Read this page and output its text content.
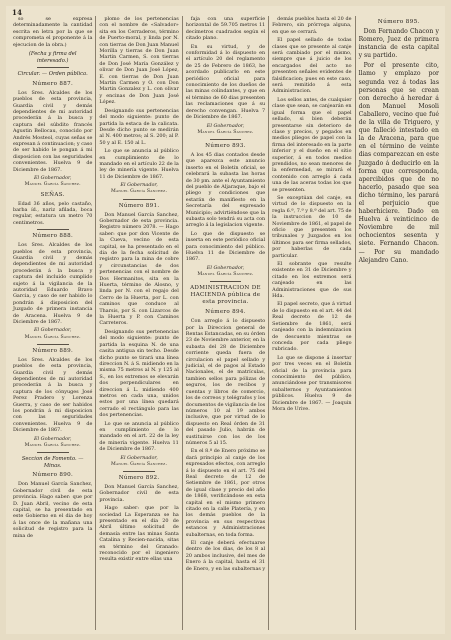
14

so se expresa determinadamente la cantidad escrita en letra por la que se comprometa el proponente á la ejecucion de la obra.)

(Fecha y firma del interesado.)
Circular. — Orden pública.
Número 887.

Los Sres. Alcaldes de los pueblos de esta provincia, Guardia civil y demás dependientes de mi autoridad procederán á la busca y captura del súbdito francés Agustin Bellocau, conocido por Andrés Mosteol, cuyas señas se expresan á continuacion; y caso de ser habido le pongan á mi disposicion con las seguridades convenientes. Huelva 9 de Diciembre de 1867.

El Gobernador,
Manuel García Sanchez.
SEÑAS.

Edad 36 años, pelo castaño, barba íd., nariz afilada, boca regular, estatura un metro 70 centímetros.

Número 888.

Los Sres. Alcaldes de los pueblos de esta provincia, Guardia civil y demás dependientes de mi autoridad procederán á la busca y captura del incluido cumplido sujeto á la vigilancia de la autoridad Eduardo Bravo Garcia, y caso de ser habido lo pondrán á disposicion del Juzgado de primera instancia de Aracena. Huelva 9 de Diciembre de 1867.

El Gobernador,
Manuel García Sanchez.
Número 889.

Los Sres. Alcaldes de los pueblos de esta provincia, Guardia civil y demás dependientes de mi autoridad procederán á la busca y captura de los cónyuges José Perez Pradero y Lorenza Guerra, y caso de ser habidos los pondrán á mi disposicion con las seguridades convenientes. Huelva 9 de Diciembre de 1867.

El Gobernador,
Manuel García Sanchez.
Seccion de Fomento. — Minas.
Número 890.

Don Manuel García Sanchez, Gobernador civil de esta provincia. Hago saber: que por D. Juan Abril, vecino de esta capital, se ha presentado en este Gobierno en el dia de hoy á las once de la mañana una solicitud de registro para la mina de

plomo de los pertenencias con el nombre de «Salvador» sita en los Cerraderos, término de Puerto-moral, y linda por N. con tierras de Don Juan Manuel Morilla y tierras de Don Juan Martin Carmen, S. con tierras de Don José María González y olivar de Don Juan José López, E. con tierras de Don Juan Martin Carmen y O. con Don Martin Gonzalez y L. con olivar y encinas de Don Juan José López.

Designando sus pertenencias del modo siguiente: punto de partida la estaca de la calicata. Desde dicho punto se medirán al N. 400 metros; al S. 200; al P. 50 y al E. 150 al L.

Lo que se anuncia al público en cumplimiento de lo mandado en el artículo 22 de la ley de minería vigente. Huelva 11 de Diciembre de 1867.

El Gobernador,
Manuel García Sanchez.
Número 891.

Don Manuel García Sanchez, Gobernador de esta provincia. Registro número 2078. — Hago saber: que por don Vicente de la Cueva, vecino de esta capital, se ha presentado en el dia de la fecha solicitud de registro para la mina de cobre y circunstancias de dos pertenencias con el nombre de Dos Hermanitos, sita en la Huerta, término de Alosno, y linda por N. con el regajo del Cerro de la Huerta, por L. con caminos que conduce al Tharsis, por S. con Lizarcos de la Huerta y P. con Caminos Carreteros.

Designando sus pertenencias del modo siguiente: punto de partida la esquina N. de una casita antigua sin techo. Desde dicho punto se tirará una línea direccion N. á S. midiendo en la misma 75 metros al N. y 125 al S., en los extremos se elevarán dos perpendiculares en direccion á L. midiendo 400 metros en cada una, unidos estos por una línea quedará cerrado el rectángulo para las dos pertenencias.

Lo que se anuncia al público en cumplimiento de lo mandado en el art. 22 de la ley de minería vigente. Huelva 11 de Diciembre de 1867.

El Gobernador,
Manuel García Sanchez.
Número 892.

Don Manuel García Sanchez, Gobernador civil de esta provincia.

Hago saber: que por la sociedad La Esperanza se ha presentado en el dia 20 de Abril último solicitud de demasía entre las minas Santa Catalina y Recien-nacida, sitas en término del Granado: reconocido por el ingeniero resulta existir entre ellas una

faja con una superficie horizontal de 59.705 metros 11 decímetros cuadrados según el citado plano.

En su virtud, y de conformidad á lo dispuesto en el artículo 20 del reglamento de 25 de Febrero de 1863, he acordado publicarlo en este periódico oficial para conocimiento de los dueños de las minas colindantes, y que en el término de 60 dias presenten las reclamaciones que á su derecho convengan. Huelva 7 de Diciembre de 1867.

El Gobernador,
Manuel García Sanchez.
Número 893.

A los 45 dias contados desde que aparezca este anuncio inserto en el Boletín oficial, se celebrará la subasta las horas de 30 pm. ante el Ayuntamiento del pueblo de Aljaraque, bajo el pliego y condiciones que estarán de manifiesto en la Secretaría del expresado Municipio; advirtiéndose que la subasta solo tendrá su acta con arreglo á la legislacion vigente.

Lo que de dispuesto se inserta en este periódico oficial para conocimiento del público. Huelva 11 de Diciembre de 1867.

El Gobernador,
Manuel García Sanchez.
ADMINISTRACION DE HACIENDA pública de esta provincia.
Número 894.

Con arreglo á lo dispuesto por la Direccion general de Rentas Estancadas, en su órden 23 de Noviembre anterior, en la subasta del 28 de Diciembre corriente queda fuera de circulacion el papel sellado y judicial, el de pagos al Estado Nacionales, el de matrículas, tambien sellos para pólizas de seguros, los de recibos y cuentas y libros de comercio, los de correos y telégrafos y los documentos de vigilancia de los números 10 al 19 ambos inclusive, que por virtud de lo dispuesto en Real órden de 31 del pasado Julio, habrán de sustituirse con los de los números 5 al 15.

En el 8.º de Enero próximo se dará principio al canje de los expresados efectos, con arreglo á lo dispuesto en el art. 75 del Real decreto de 12 de Setiembre de 1861, por otros de igual clase y precio del año de 1868, verificándose en esta capital en el mismo primero citado en la calle Platería, y en los demás pueblos de la provincia en sus respectivas estancos y Administraciones subalternas, en toda forma.

El canje deberá efectuarse dentro de los dias, de los 8 al 20 ambos inclusive, del mes de Enero á la capital, hasta el 31 de Enero, y en las subalternas y

demás pueblos hasta el 20 de Febrero, sin prórroga alguna, en que se cerrará.

El papel sellado de todas clases que se presente al canje será cambiado por el mismo, siempre que á juicio de los encargados del acto no presenten señales evidentes de falsificacion; pues en este caso, será remitido á esta Administracion.

Los sellos antes, de cualquier clase que sean, se canjearán en igual forma que el papel sellado, si bien deberán presentarse sin deterioro de clase y precios, y pegados en medios pliegos de papel con la firma del interesado en la parte inferior y el dueño en el sitio superior, á en todos medios prendidos, no sean menores de la enfermedad, se mirará el contenido con arreglo á cada una de las aceras todas los que se presenten.

Se exceptúan del canje, en virtud de lo dispuesto en la regla 6.ª, 7.ª y 8.ª del art. 75 de la instruccion de 10 de Noviembre de 1861, el papel de oficio que presenten los tribunales y Juzgados en los últimos para ser firma sellados, por haberlas de cada particular.

El sobrante que resulte existente en 31 de Diciembre y citado en los extremos será canjeado en las Administraciones que de sus Hda.

El papel secreto, que á virtud de lo dispuesto en el art. 44 del Real decreto de 12 de Setiembre de 1861, será canjeado con la indemnizacion de descuento mientras se conceda por cada pliego rubricado.

Lo que se dispone á insertar por tres veces en el Boletín oficial de la provincia para conocimiento del público, anunciándose por transmisores subalternos y Ayuntamientos públicos. Huelva 9 de Diciembre de 1867. — Joaquin Mora de Urive.

Número 895.

Don Fernando Chacon y Romero, Juez de primera instancia de esta capital y su partido.

Por el presente cito, llamo y emplazo por segunda vez á todas las personas que se crean con derecho á heredar á don Manuel Mosoli Caballero, vecino que fué de la villa de Triguero, y que falleció intestado en la de Aracena, para que en el término de veinte dias comparezcan en este Juzgado á deducirlo en la forma que corresponda, apercibidos que de no hacerlo, pasado que sea dicho término, les parará el perjuicio que haberhiciere. Dado en Huelva á veinticinco de Noviembre de mil ochocientos sesenta y siete. Fernando Chacon. — Por su mandado Alejandro Cano.
